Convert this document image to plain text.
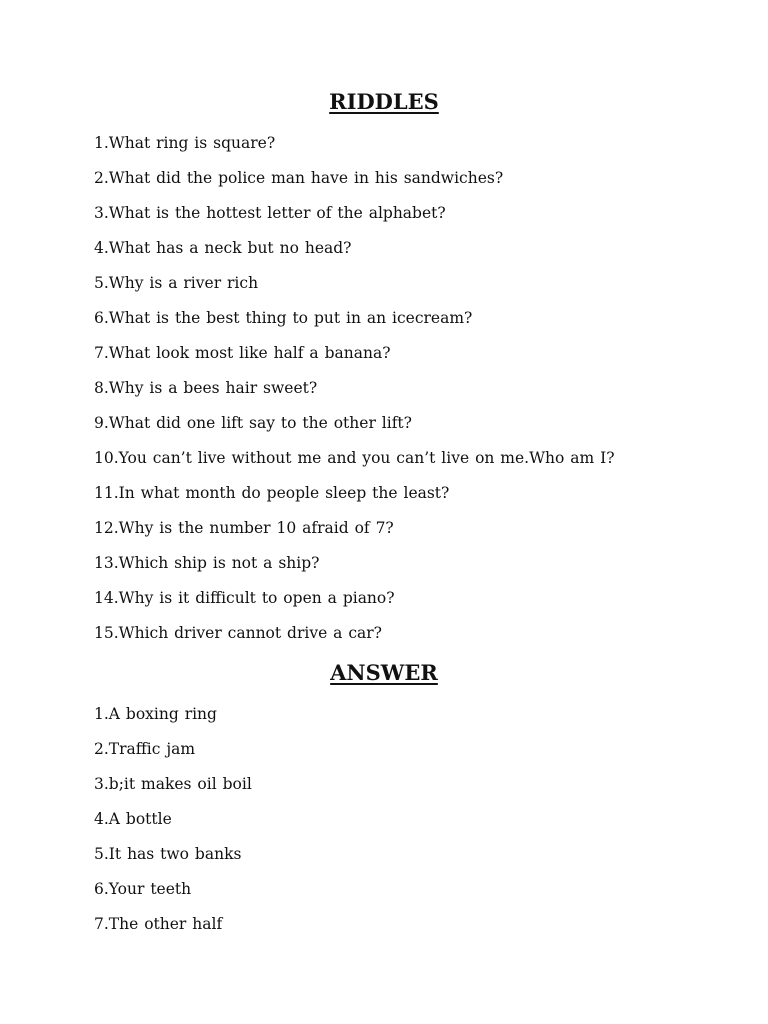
RIDDLES
1.What ring is square?
2.What did the police man have in his sandwiches?
3.What is the hottest letter of the alphabet?
4.What has a neck but no head?
5.Why is a river rich
6.What is the best thing to put in an icecream?
7.What look most like half a banana?
8.Why is a bees hair sweet?
9.What did one lift say to the other lift?
10.You can’t live without me and you can’t live on me.Who am I?
11.In what month do people sleep the least?
12.Why is the number 10 afraid of 7?
13.Which ship is not a ship?
14.Why is it difficult to open a piano?
15.Which driver cannot drive a car?
ANSWER
1.A boxing ring
2.Traffic jam
3.b;it makes oil boil
4.A bottle
5.It has two banks
6.Your teeth
7.The other half
